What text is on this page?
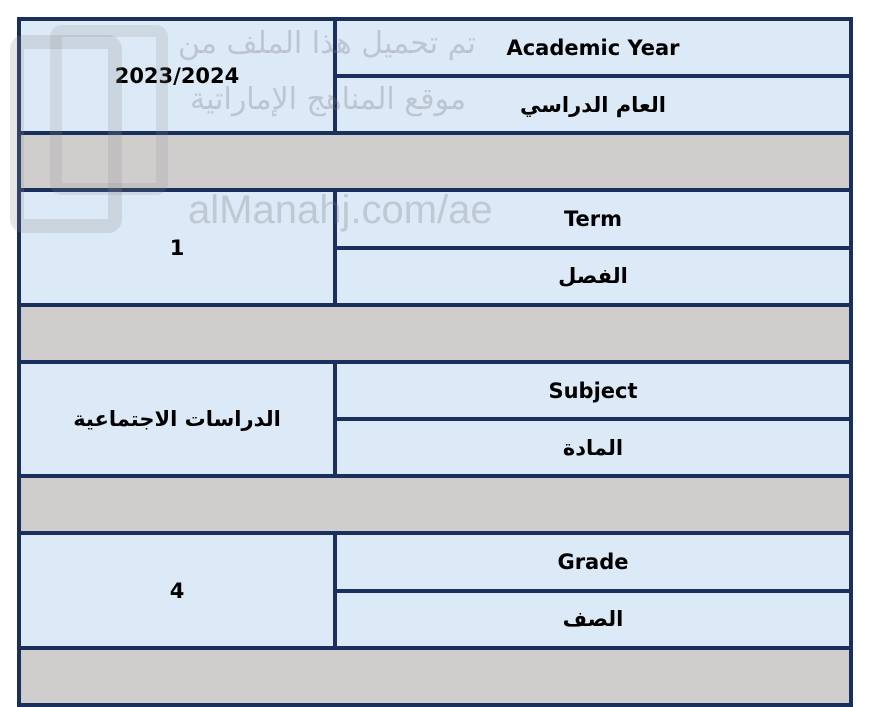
2023/2024	Academic Year
	العام الدراسي

1	Term
	الفصل

الدراسات الاجتماعية	Subject
	المادة

4	Grade
	الصف

تم تحميل هذا الملف من
موقع المناهج الإماراتية
alManahj.com/ae
